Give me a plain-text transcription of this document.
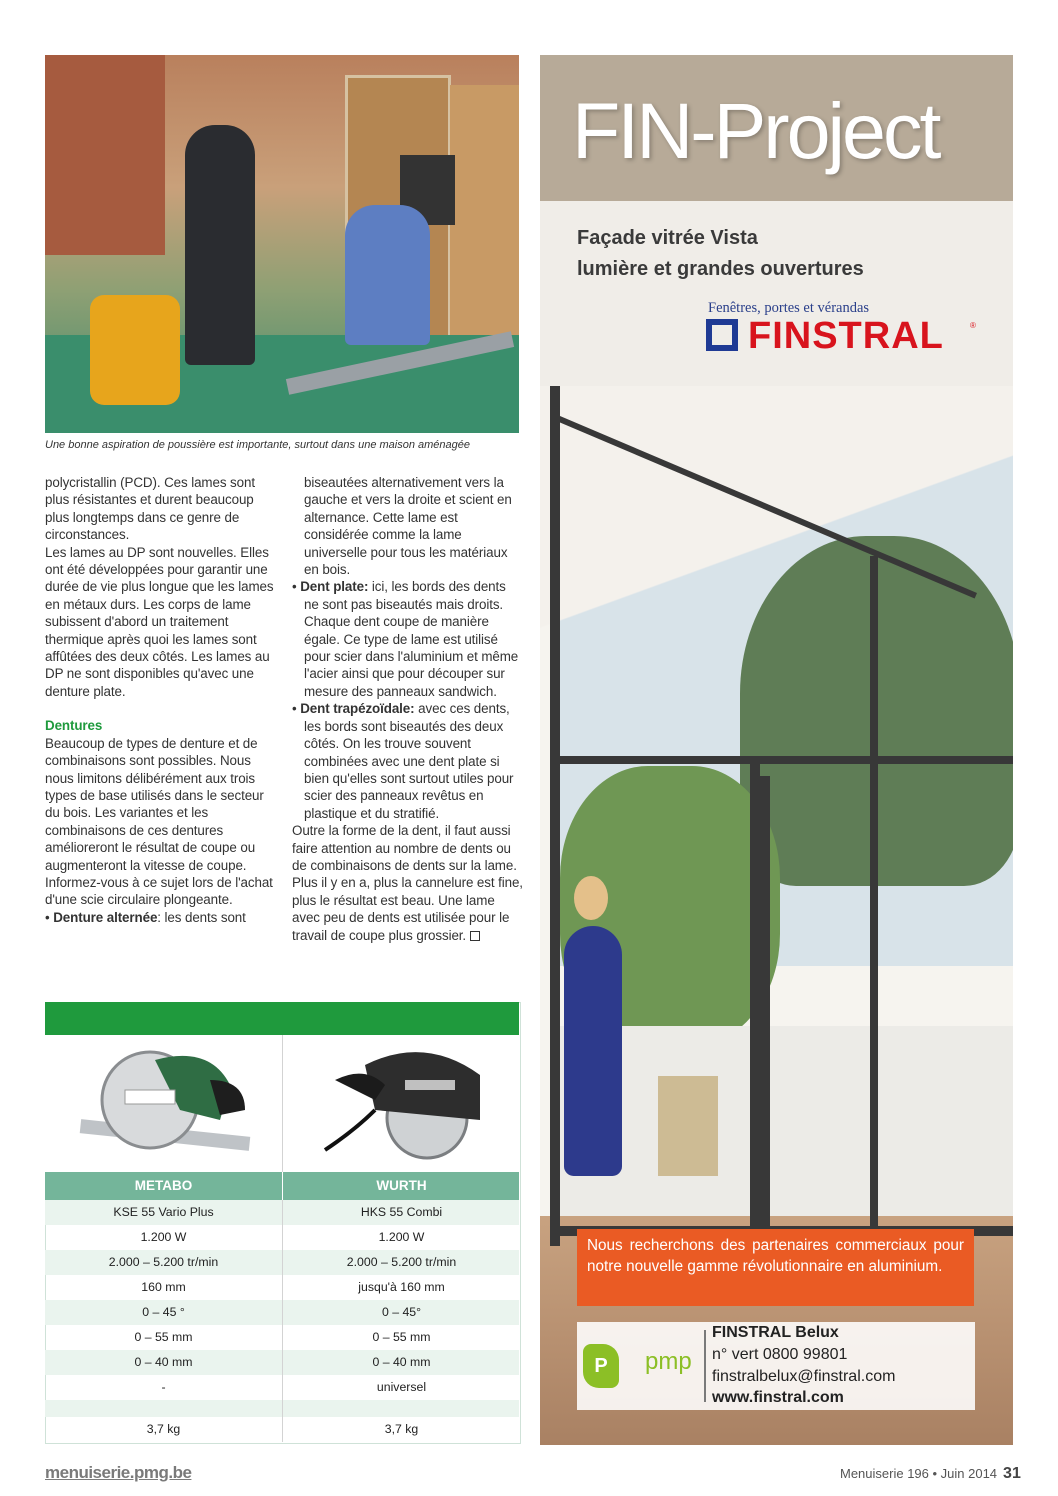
Une bonne aspiration de poussière est importante, surtout dans une maison aménagée

polycristallin (PCD). Ces lames sont plus résistantes et durent beaucoup plus longtemps dans ce genre de circonstances.

Les lames au DP sont nouvelles. Elles ont été développées pour garantir une durée de vie plus longue que les lames en métaux durs. Les corps de lame subissent d'abord un traitement thermique après quoi les lames sont affûtées des deux côtés. Les lames au DP ne sont disponibles qu'avec une denture plate.

Dentures

Beaucoup de types de denture et de combinaisons sont possibles. Nous nous limitons délibérément aux trois types de base utilisés dans le secteur du bois. Les variantes et les combinaisons de ces dentures amélioreront le résultat de coupe ou augmenteront la vitesse de coupe.

Informez-vous à ce sujet lors de l'achat d'une scie circulaire plongeante.

• Denture alternée: les dents sont

biseautées alternativement vers la gauche et vers la droite et scient en alternance. Cette lame est considérée comme la lame universelle pour tous les matériaux en bois.

• Dent plate: ici, les bords des dents ne sont pas biseautés mais droits. Chaque dent coupe de manière égale. Ce type de lame est utilisé pour scier dans l'aluminium et même l'acier ainsi que pour découper sur mesure des panneaux sandwich.

• Dent trapézoïdale: avec ces dents, les bords sont biseautés des deux côtés. On les trouve souvent combinées avec une dent plate si bien qu'elles sont surtout utiles pour scier des panneaux revêtus en plastique et du stratifié.

Outre la forme de la dent, il faut aussi faire attention au nombre de dents ou de combinaisons de dents sur la lame. Plus il y en a, plus la cannelure est fine, plus le résultat est beau. Une lame avec peu de dents est utilisée pour le travail de coupe plus grossier.

METABO	WURTH
KSE 55 Vario Plus	HKS 55 Combi
1.200 W	1.200 W
2.000 – 5.200 tr/min	2.000 – 5.200 tr/min
160 mm	jusqu'à 160 mm
0 – 45 °	0 – 45°
0 – 55 mm	0 – 55 mm
0 – 40 mm	0 – 40 mm
-	universel
3,7 kg	3,7 kg
FIN-Project
Façade vitrée Vista
lumière et grandes ouvertures
Fenêtres, portes et vérandas
FINSTRAL	®
Nous recherchons des partenaires commerciaux pour notre nouvelle gamme révolutionnaire en aluminium.
P	pmp
FINSTRAL Belux
n° vert 0800 99801
finstralbelux@finstral.com
www.finstral.com
menuiserie.pmg.be	Menuiserie 196 • Juin 2014 31
